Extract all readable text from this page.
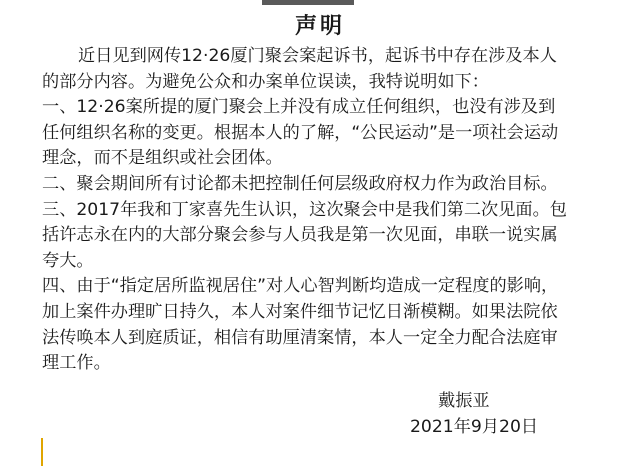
声明
近日见到网传12·26厦门聚会案起诉书，起诉书中存在涉及本人
的部分内容。为避免公众和办案单位误读，我特说明如下：
一、12·26案所提的厦门聚会上并没有成立任何组织，也没有涉及到
任何组织名称的变更。根据本人的了解，“公民运动”是一项社会运动
理念，而不是组织或社会团体。
二、聚会期间所有讨论都未把控制任何层级政府权力作为政治目标。
三、2017年我和丁家喜先生认识，这次聚会中是我们第二次见面。包
括许志永在内的大部分聚会参与人员我是第一次见面，串联一说实属
夸大。
四、由于“指定居所监视居住”对人心智判断均造成一定程度的影响，
加上案件办理旷日持久，本人对案件细节记忆日渐模糊。如果法院依
法传唤本人到庭质证，相信有助厘清案情，本人一定全力配合法庭审
理工作。
戴振亚
2021年9月20日
